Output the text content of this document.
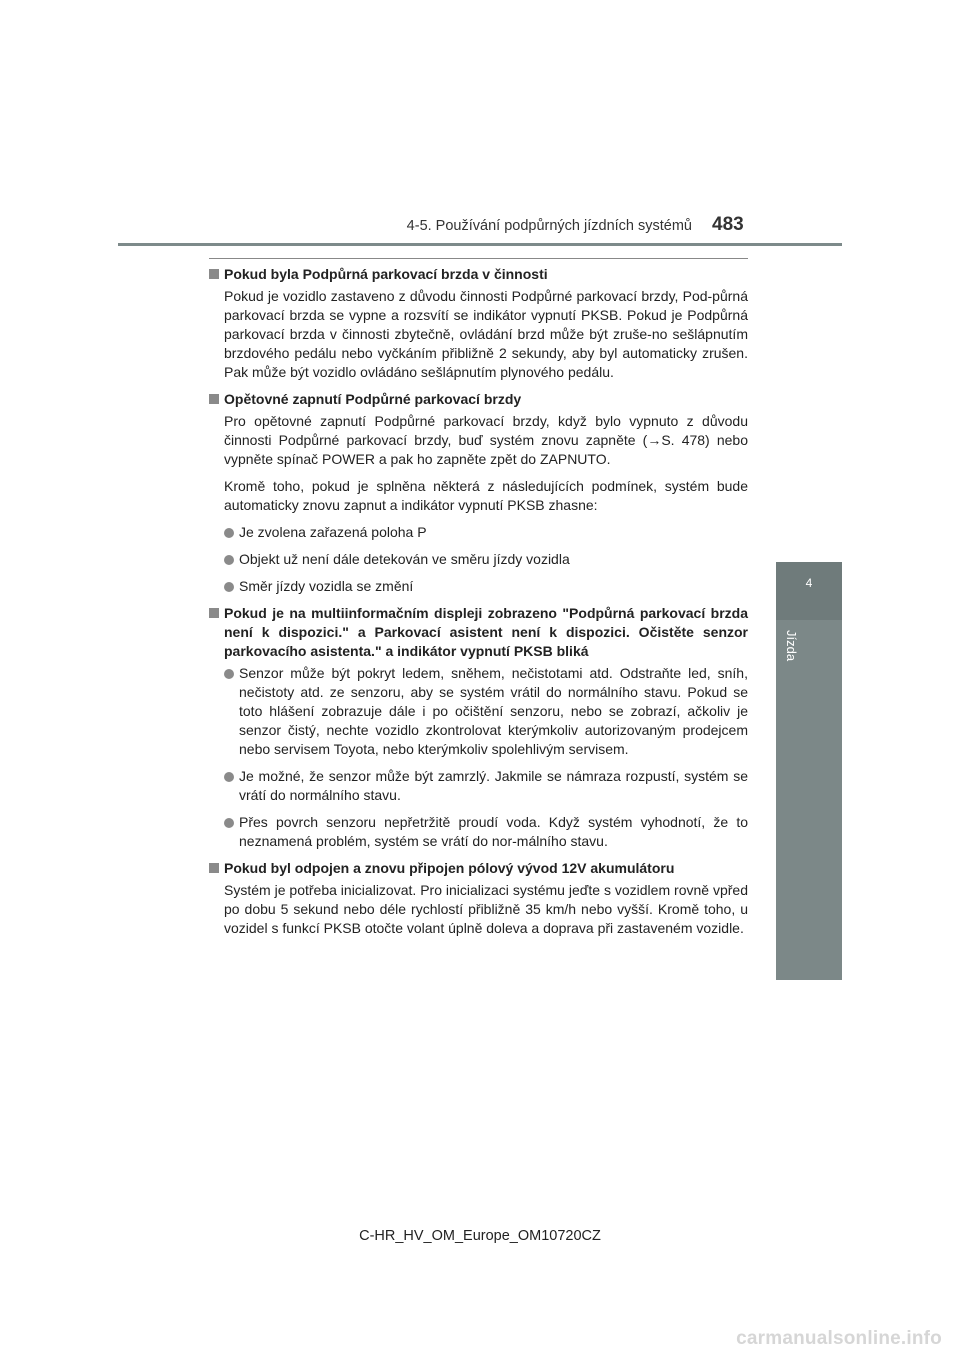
4-5. Používání podpůrných jízdních systémů 483
4
Jízda
Pokud byla Podpůrná parkovací brzda v činnosti
Pokud je vozidlo zastaveno z důvodu činnosti Podpůrné parkovací brzdy, Pod-půrná parkovací brzda se vypne a rozsvítí se indikátor vypnutí PKSB. Pokud je Podpůrná parkovací brzda v činnosti zbytečně, ovládání brzd může být zruše-no sešlápnutím brzdového pedálu nebo vyčkáním přibližně 2 sekundy, aby byl automaticky zrušen. Pak může být vozidlo ovládáno sešlápnutím plynového pedálu.
Opětovné zapnutí Podpůrné parkovací brzdy
Pro opětovné zapnutí Podpůrné parkovací brzdy, když bylo vypnuto z důvodu činnosti Podpůrné parkovací brzdy, buď systém znovu zapněte (→S. 478) nebo vypněte spínač POWER a pak ho zapněte zpět do ZAPNUTO.
Kromě toho, pokud je splněna některá z následujících podmínek, systém bude automaticky znovu zapnut a indikátor vypnutí PKSB zhasne:
Je zvolena zařazená poloha P
Objekt už není dále detekován ve směru jízdy vozidla
Směr jízdy vozidla se změní
Pokud je na multiinformačním displeji zobrazeno "Podpůrná parkovací brzda není k dispozici." a Parkovací asistent není k dispozici. Očistěte senzor parkovacího asistenta." a indikátor vypnutí PKSB bliká
Senzor může být pokryt ledem, sněhem, nečistotami atd. Odstraňte led, sníh, nečistoty atd. ze senzoru, aby se systém vrátil do normálního stavu. Pokud se toto hlášení zobrazuje dále i po očištění senzoru, nebo se zobrazí, ačkoliv je senzor čistý, nechte vozidlo zkontrolovat kterýmkoliv autorizovaným prodejcem nebo servisem Toyota, nebo kterýmkoliv spolehlivým servisem.
Je možné, že senzor může být zamrzlý. Jakmile se námraza rozpustí, systém se vrátí do normálního stavu.
Přes povrch senzoru nepřetržitě proudí voda. Když systém vyhodnotí, že to neznamená problém, systém se vrátí do nor-málního stavu.
Pokud byl odpojen a znovu připojen pólový vývod 12V akumulátoru
Systém je potřeba inicializovat. Pro inicializaci systému jeďte s vozidlem rovně vpřed po dobu 5 sekund nebo déle rychlostí přibližně 35 km/h nebo vyšší. Kromě toho, u vozidel s funkcí PKSB otočte volant úplně doleva a doprava při zastaveném vozidle.
C-HR_HV_OM_Europe_OM10720CZ
carmanualsonline.info
